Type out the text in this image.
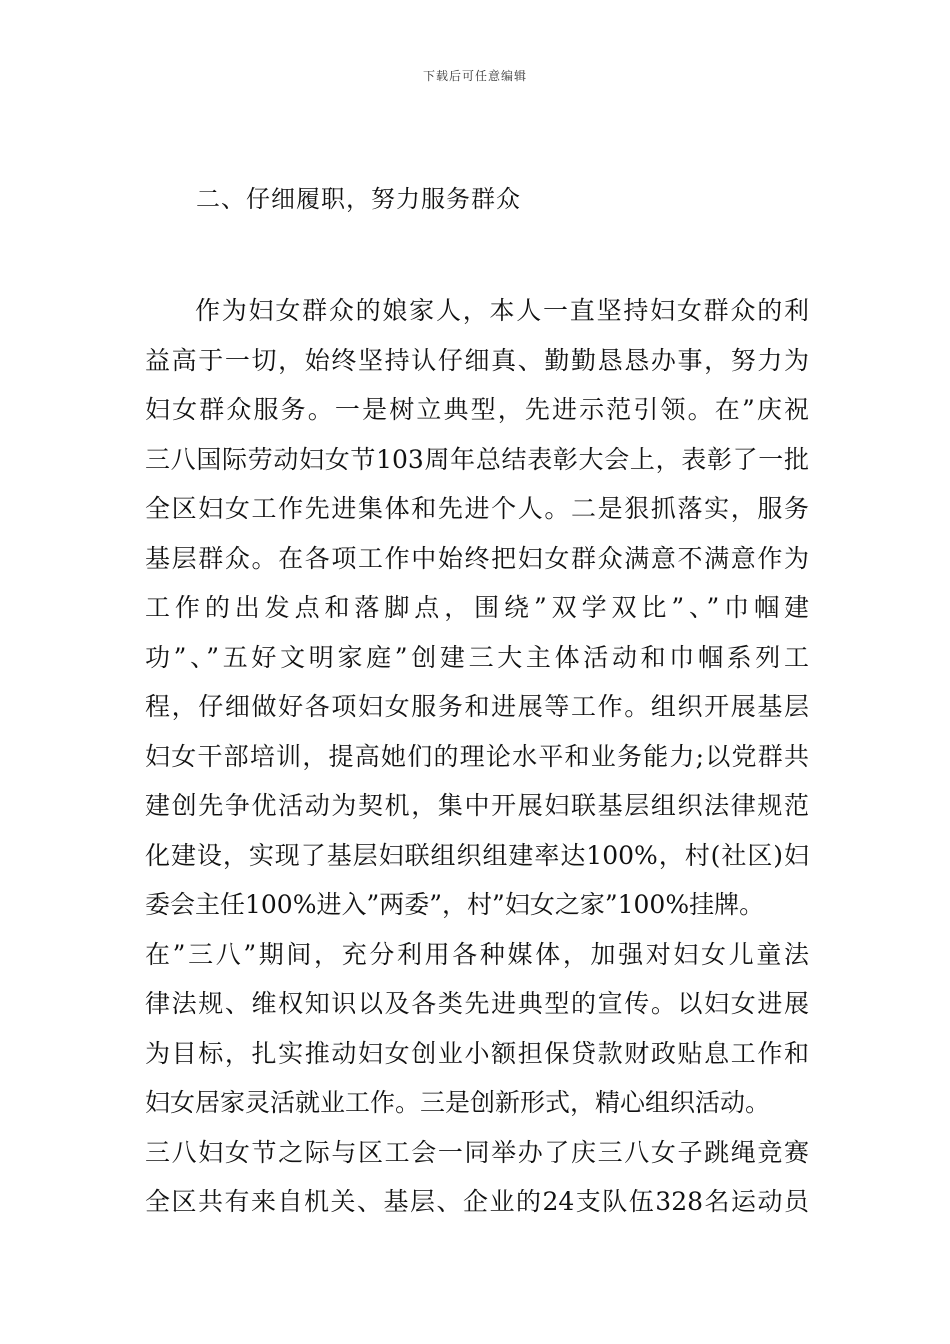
下载后可任意编辑
二、仔细履职，努力服务群众
作为妇女群众的娘家人，本人一直坚持妇女群众的利
益高于一切，始终坚持认仔细真、勤勤恳恳办事，努力为
妇女群众服务。一是树立典型，先进示范引领。在”庆祝
三八国际劳动妇女节103周年总结表彰大会上，表彰了一批
全区妇女工作先进集体和先进个人。二是狠抓落实，服务
基层群众。在各项工作中始终把妇女群众满意不满意作为
工作的出发点和落脚点，围绕”双学双比”、”巾帼建
功”、”五好文明家庭”创建三大主体活动和巾帼系列工
程，仔细做好各项妇女服务和进展等工作。组织开展基层
妇女干部培训，提高她们的理论水平和业务能力;以党群共
建创先争优活动为契机，集中开展妇联基层组织法律规范
化建设，实现了基层妇联组织组建率达100%，村(社区)妇
委会主任100%进入”两委”，村”妇女之家”100%挂牌。
在”三八”期间，充分利用各种媒体，加强对妇女儿童法
律法规、维权知识以及各类先进典型的宣传。以妇女进展
为目标，扎实推动妇女创业小额担保贷款财政贴息工作和
妇女居家灵活就业工作。三是创新形式，精心组织活动。
三八妇女节之际与区工会一同举办了庆三八女子跳绳竞赛
全区共有来自机关、基层、企业的24支队伍328名运动员
